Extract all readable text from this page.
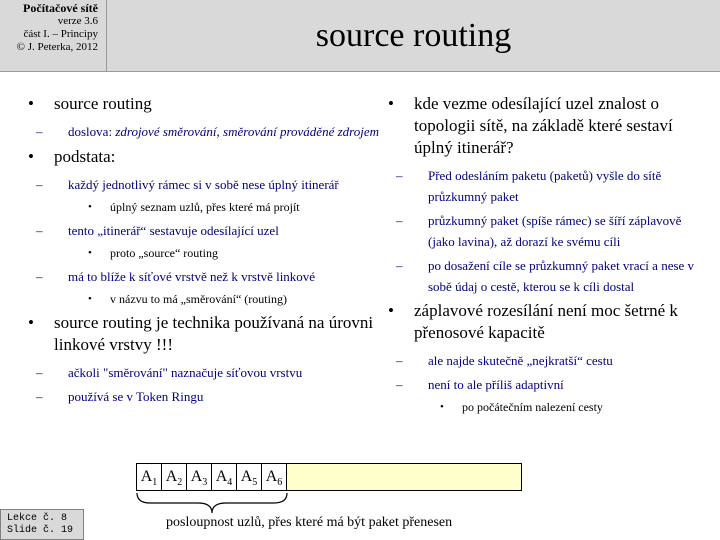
Počítačové sítě
verze 3.6
část I. – Principy
© J. Peterka, 2012	source routing
• source routing
– doslova: zdrojové směrování, směrování prováděné zdrojem
• podstata:
– každý jednotlivý rámec si v sobě nese úplný itinerář
• úplný seznam uzlů, přes které má projít
– tento „itinerář“ sestavuje odesílající uzel
• proto „source“ routing
– má to blíže k síťové vrstvě než k vrstvě linkové
• v názvu to má „směrování“ (routing)
• source routing je technika používaná na úrovni linkové vrstvy !!!
– ačkoli "směrování" naznačuje síťovou vrstvu
– používá se v Token Ringu
• kde vezme odesílající uzel znalost o topologii sítě, na základě které sestaví úplný itinerář?
– Před odesláním paketu (paketů) vyšle do sítě průzkumný paket
– průzkumný paket (spíše rámec) se šíří záplavově (jako lavina), až dorazí ke svému cíli
– po dosažení cíle se průzkumný paket vrací a nese v sobě údaj o cestě, kterou se k cíli dostal
• záplavové rozesílání není moc šetrné k přenosové kapacitě
– ale najde skutečně „nejkratší“ cestu
– není to ale příliš adaptivní
• po počátečním nalezení cesty
$A_1$ $A_2$ $A_3$ $A_4$ $A_5$ $A_6$
posloupnost uzlů, přes které má být paket přenesen
Lekce č. 8
Slide č. 19
